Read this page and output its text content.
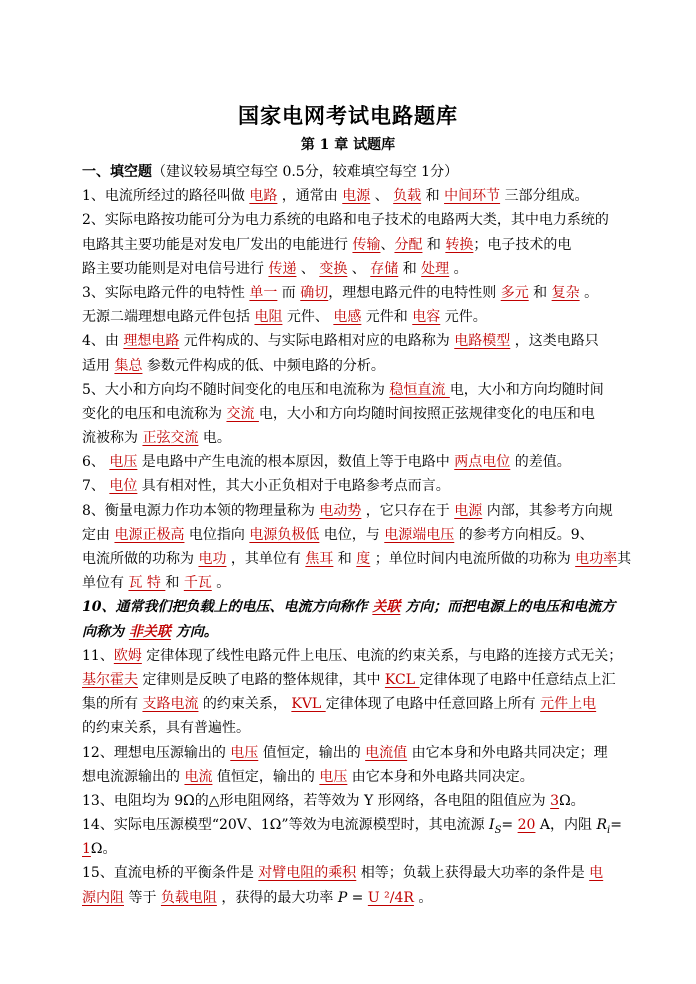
国家电网考试电路题库
第 1 章 试题库
一、填空题（建议较易填空每空 0.5分，较难填空每空 1分）
1、电流所经过的路径叫做 电路 ，通常由 电源 、 负载 和 中间环节 三部分组成。
2、实际电路按功能可分为电力系统的电路和电子技术的电路两大类，其中电力系统的
电路其主要功能是对发电厂发出的电能进行 传输、分配 和 转换；电子技术的电
路主要功能则是对电信号进行 传递 、 变换 、 存储 和 处理 。
3、实际电路元件的电特性 单一 而 确切，理想电路元件的电特性则 多元 和 复杂 。
无源二端理想电路元件包括 电阻 元件、 电感 元件和 电容 元件。
4、由 理想电路 元件构成的、与实际电路相对应的电路称为 电路模型 ，这类电路只
适用 集总 参数元件构成的低、中频电路的分析。
5、大小和方向均不随时间变化的电压和电流称为 稳恒直流 电，大小和方向均随时间
变化的电压和电流称为 交流 电，大小和方向均随时间按照正弦规律变化的电压和电
流被称为 正弦交流 电。
6、 电压 是电路中产生电流的根本原因，数值上等于电路中 两点电位 的差值。
7、 电位 具有相对性，其大小正负相对于电路参考点而言。
8、衡量电源力作功本领的物理量称为 电动势 ，它只存在于 电源 内部，其参考方向规
定由 电源正极高 电位指向 电源负极低 电位，与 电源端电压 的参考方向相反。9、
电流所做的功称为 电功 ，其单位有 焦耳 和 度 ；单位时间内电流所做的功称为 电功率其
单位有 瓦 特 和 千瓦 。
10、通常我们把负载上的电压、电流方向称作 关联 方向；而把电源上的电压和电流方
向称为 非关联 方向。
11、欧姆 定律体现了线性电路元件上电压、电流的约束关系，与电路的连接方式无关；
基尔霍夫 定律则是反映了电路的整体规律，其中 KCL 定律体现了电路中任意结点上汇
集的所有 支路电流 的约束关系， KVL 定律体现了电路中任意回路上所有 元件上电
的约束关系，具有普遍性。
12、理想电压源输出的 电压 值恒定，输出的 电流值 由它本身和外电路共同决定；理
想电流源输出的 电流 值恒定，输出的 电压 由它本身和外电路共同决定。
13、电阻均为 9Ω的△形电阻网络，若等效为 Y 形网络，各电阻的阻值应为 3Ω。
14、实际电压源模型“20V、1Ω”等效为电流源模型时，其电流源 $I_S= 20$ A，内阻 $R_i=$
1Ω。
15、直流电桥的平衡条件是 对臂电阻的乘积 相等；负载上获得最大功率的条件是 电
源内阻 等于 负载电阻 ，获得的最大功率 P = U ²/4R 。
